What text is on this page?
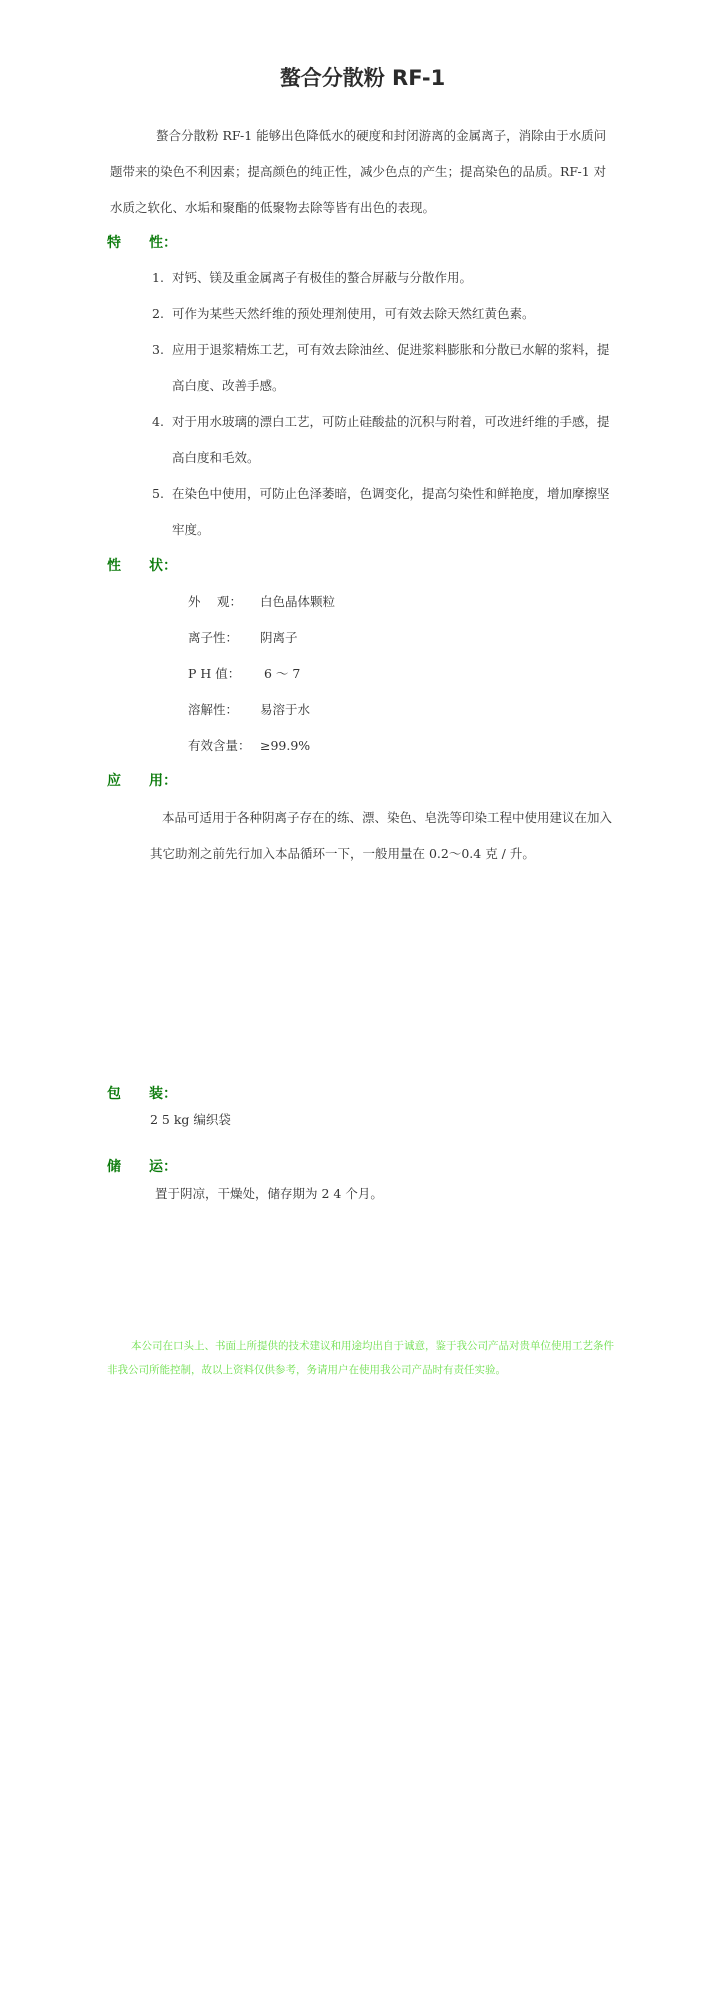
螯合分散粉 RF-1

螯合分散粉 RF-1 能够出色降低水的硬度和封闭游离的金属离子，消除由于水质问题带来的染色不利因素；提高颜色的纯正性，减少色点的产生；提高染色的品质。RF-1 对水质之软化、水垢和聚酯的低聚物去除等皆有出色的表现。

特　　性：
1. 对钙、镁及重金属离子有极佳的螯合屏蔽与分散作用。
2. 可作为某些天然纤维的预处理剂使用，可有效去除天然红黄色素。
3. 应用于退浆精炼工艺，可有效去除油丝、促进浆料膨胀和分散已水解的浆料，提高白度、改善手感。
4. 对于用水玻璃的漂白工艺，可防止硅酸盐的沉积与附着，可改进纤维的手感，提高白度和毛效。
5. 在染色中使用，可防止色泽萎暗，色调变化，提高匀染性和鲜艳度，增加摩擦坚牢度。
性　　状：
外　 观：	白色晶体颗粒
离子性：	阴离子
P H 值：	6 ～ 7
溶解性：	易溶于水
有效含量： ≥99.9%
应　　用：

本品可适用于各种阴离子存在的练、漂、染色、皂洗等印染工程中使用建议在加入其它助剂之前先行加入本品循环一下，一般用量在 0.2～0.4 克 / 升。

包　　装：

2 5 kg 编织袋

储　　运：

置于阴凉，干燥处，储存期为 2 4 个月。

本公司在口头上、书面上所提供的技术建议和用途均出自于诚意，鉴于我公司产品对贵单位使用工艺条件非我公司所能控制，故以上资料仅供参考，务请用户在使用我公司产品时有责任实验。
